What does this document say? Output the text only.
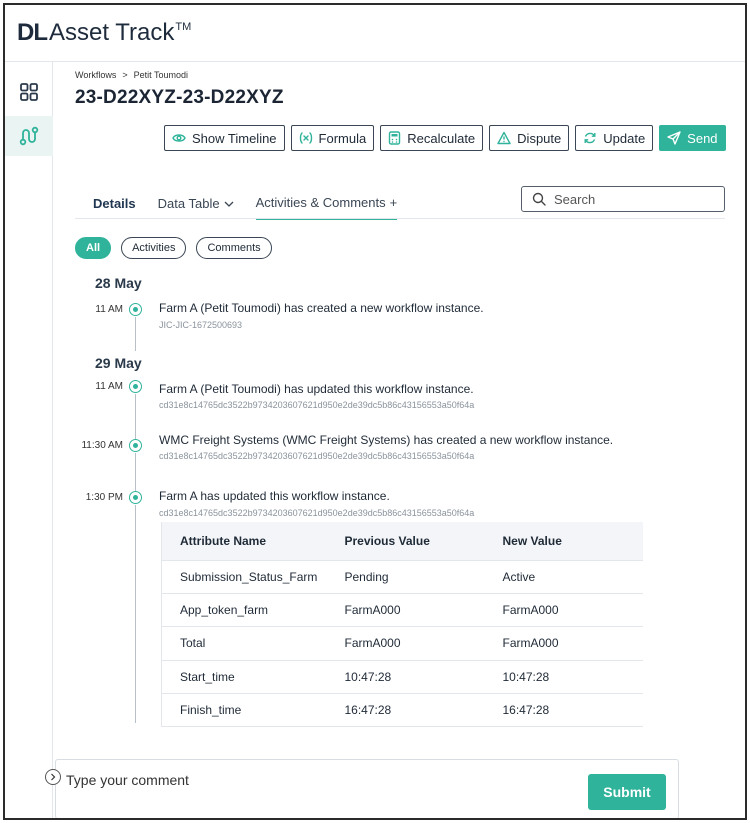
DL Asset Track TM
Workflows > Petit Toumodi
23-D22XYZ-23-D22XYZ
Show Timeline	Formula	Recalculate	Dispute	Update	Send
Details Data Table	Activities & Comments +	Search
All	Activities	Comments
28 May
11 AM	Farm A (Petit Toumodi) has created a new workflow instance.
JIC-JIC-1672500693
29 May
11 AM	Farm A (Petit Toumodi) has updated this workflow instance.
cd31e8c14765dc3522b9734203607621d950e2de39dc5b86c43156553a50f64a
11:30 AM	WMC Freight Systems (WMC Freight Systems) has created a new workflow instance.
cd31e8c14765dc3522b9734203607621d950e2de39dc5b86c43156553a50f64a
1:30 PM	Farm A has updated this workflow instance.
cd31e8c14765dc3522b9734203607621d950e2de39dc5b86c43156553a50f64a
Attribute Name	Previous Value	New Value
Submission_Status_Farm	Pending	Active
App_token_farm	FarmA000	FarmA000
Total	FarmA000	FarmA000
Start_time	10:47:28	10:47:28
Finish_time	16:47:28	16:47:28
Type your comment
Submit
